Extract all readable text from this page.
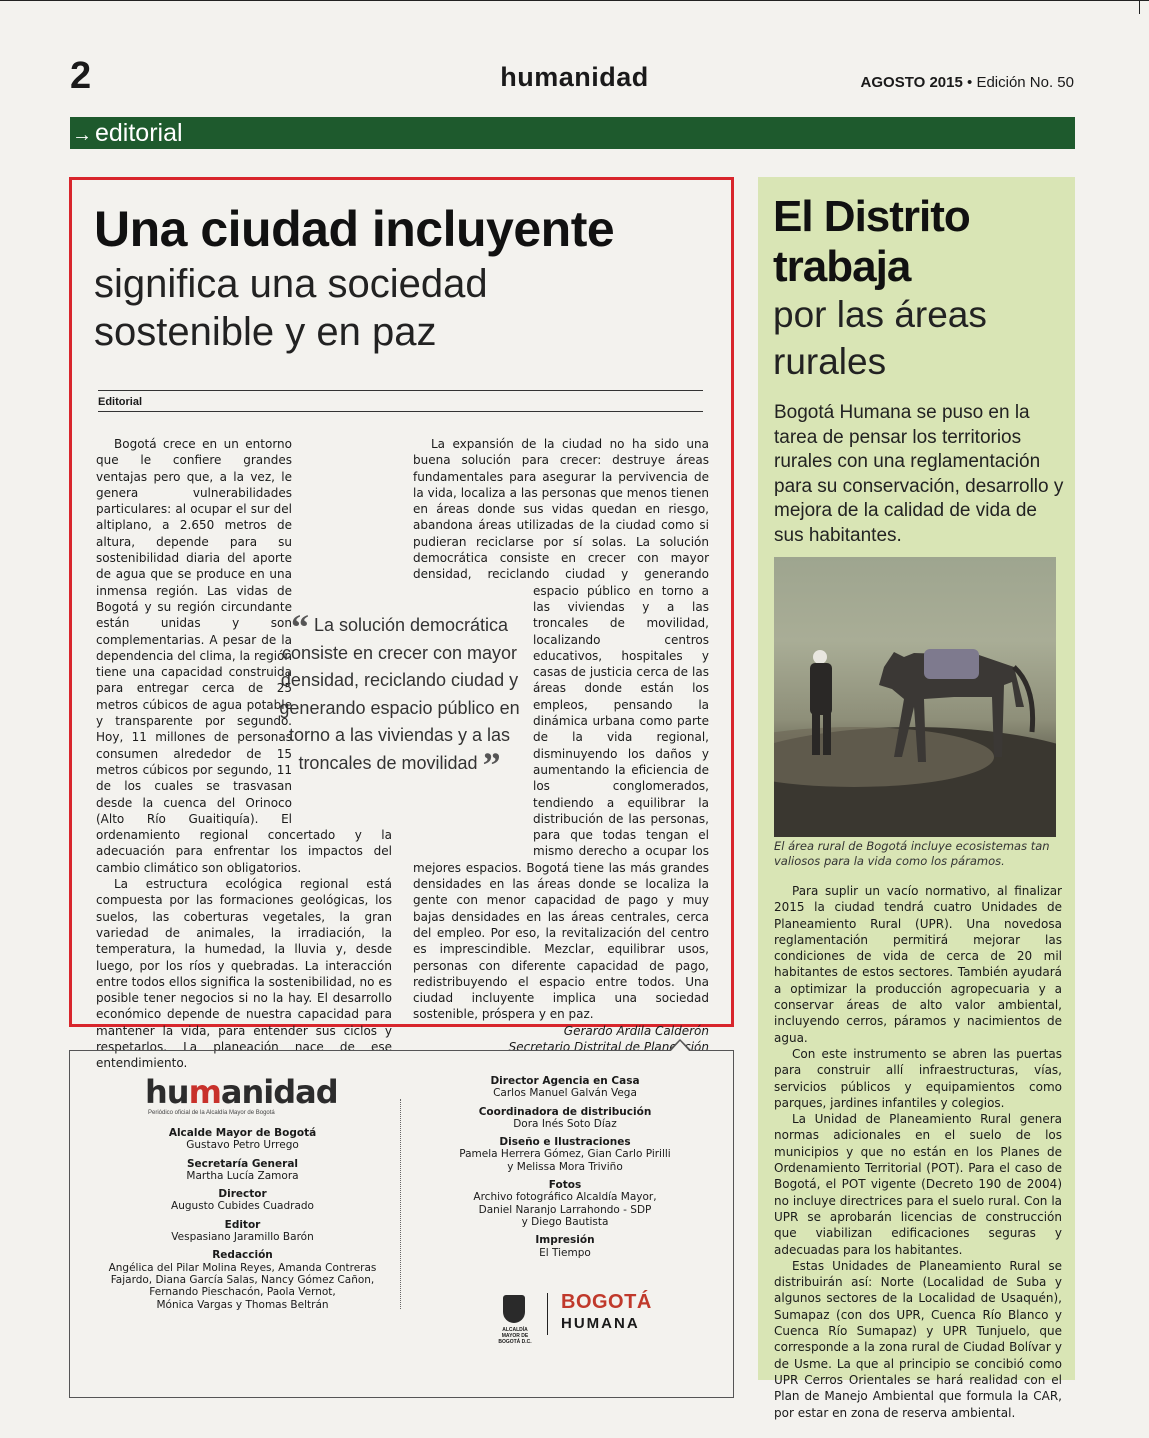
2	humanidad	AGOSTO 2015 • Edición No. 50
→ editorial
Una ciudad incluyente
significa una sociedad sostenible y en paz
Editorial

Bogotá crece en un entorno que le confiere grandes ventajas pero que, a la vez, le genera vulnerabilidades particulares: al ocupar el sur del altiplano, a 2.650 metros de altura, depende para su sostenibilidad diaria del aporte de agua que se produce en una inmensa región. Las vidas de Bogotá y su región circundante están unidas y son complementarias. A pesar de la dependencia del clima, la región tiene una capacidad construida para entregar cerca de 25 metros cúbicos de agua potable y transparente por segundo. Hoy, 11 millones de personas consumen alrededor de 15 metros cúbicos por segundo, 11 de los cuales se trasvasan desde la cuenca del Orinoco (Alto Río Guaitiquía). El ordenamiento regional concertado y la adecuación para enfrentar los impactos del cambio climático son obligatorios.

La estructura ecológica regional está compuesta por las formaciones geológicas, los suelos, las coberturas vegetales, la gran variedad de animales, la irradiación, la temperatura, la humedad, la lluvia y, desde luego, por los ríos y quebradas. La interacción entre todos ellos significa la sostenibilidad, no es posible tener negocios si no la hay. El desarrollo económico depende de nuestra capacidad para mantener la vida, para entender sus ciclos y respetarlos. La planeación nace de ese entendimiento.

La expansión de la ciudad no ha sido una buena solución para crecer: destruye áreas fundamentales para asegurar la pervivencia de la vida, localiza a las personas que menos tienen en áreas donde sus vidas quedan en riesgo, abandona áreas utilizadas de la ciudad como si pudieran reciclarse por sí solas. La solución democrática consiste en crecer con mayor densidad, reciclando ciudad y generando espacio público en torno a las viviendas y a las troncales de movilidad, localizando centros educativos, hospitales y casas de justicia cerca de las áreas donde están los empleos, pensando la dinámica urbana como parte de la vida regional, disminuyendo los daños y aumentando la eficiencia de los conglomerados, tendiendo a equilibrar la distribución de las personas, para que todas tengan el mismo derecho a ocupar los mejores espacios. Bogotá tiene las más grandes densidades en las áreas donde se localiza la gente con menor capacidad de pago y muy bajas densidades en las áreas centrales, cerca del empleo. Por eso, la revitalización del centro es imprescindible. Mezclar, equilibrar usos, personas con diferente capacidad de pago, redistribuyendo el espacio entre todos. Una ciudad incluyente implica una sociedad sostenible, próspera y en paz.

Gerardo Ardila Calderón

Secretario Distrital de Planeación

“ La solución democrática consiste en crecer con mayor densidad, reciclando ciudad y generando espacio público en torno a las viviendas y a las troncales de movilidad ”
humanidad
Periódico oficial de la Alcaldía Mayor de Bogotá
Alcalde Mayor de Bogotá
Gustavo Petro Urrego
Secretaría General
Martha Lucía Zamora
Director
Augusto Cubides Cuadrado
Editor
Vespasiano Jaramillo Barón
Redacción
Angélica del Pilar Molina Reyes, Amanda Contreras
Fajardo, Diana García Salas, Nancy Gómez Cañon,
Fernando Pieschacón, Paola Vernot,
Mónica Vargas y Thomas Beltrán
Director Agencia en Casa
Carlos Manuel Galván Vega
Coordinadora de distribución
Dora Inés Soto Díaz
Diseño e Ilustraciones
Pamela Herrera Gómez, Gian Carlo Pirilli
y Melissa Mora Triviño
Fotos
Archivo fotográfico Alcaldía Mayor,
Daniel Naranjo Larrahondo - SDP
y Diego Bautista
Impresión
El Tiempo
ALCALDÍA MAYOR DE BOGOTÁ D.C.
BOGOTÁ
HUMANA
El Distrito trabaja
por las áreas rurales
Bogotá Humana se puso en la tarea de pensar los territorios rurales con una reglamentación para su conservación, desarrollo y mejora de la calidad de vida de sus habitantes.
El área rural de Bogotá incluye ecosistemas tan valiosos para la vida como los páramos.

Para suplir un vacío normativo, al finalizar 2015 la ciudad tendrá cuatro Unidades de Planeamiento Rural (UPR). Una novedosa reglamentación permitirá mejorar las condiciones de vida de cerca de 20 mil habitantes de estos sectores. También ayudará a optimizar la producción agropecuaria y a conservar áreas de alto valor ambiental, incluyendo cerros, páramos y nacimientos de agua.

Con este instrumento se abren las puertas para construir allí infraestructuras, vías, servicios públicos y equipamientos como parques, jardines infantiles y colegios.

La Unidad de Planeamiento Rural genera normas adicionales en el suelo de los municipios y que no están en los Planes de Ordenamiento Territorial (POT). Para el caso de Bogotá, el POT vigente (Decreto 190 de 2004) no incluye directrices para el suelo rural. Con la UPR se aprobarán licencias de construcción que viabilizan edificaciones seguras y adecuadas para los habitantes.

Estas Unidades de Planeamiento Rural se distribuirán así: Norte (Localidad de Suba y algunos sectores de la Localidad de Usaquén), Sumapaz (con dos UPR, Cuenca Río Blanco y Cuenca Río Sumapaz) y UPR Tunjuelo, que corresponde a la zona rural de Ciudad Bolívar y de Usme. La que al principio se concibió como UPR Cerros Orientales se hará realidad con el Plan de Manejo Ambiental que formula la CAR, por estar en zona de reserva ambiental.
